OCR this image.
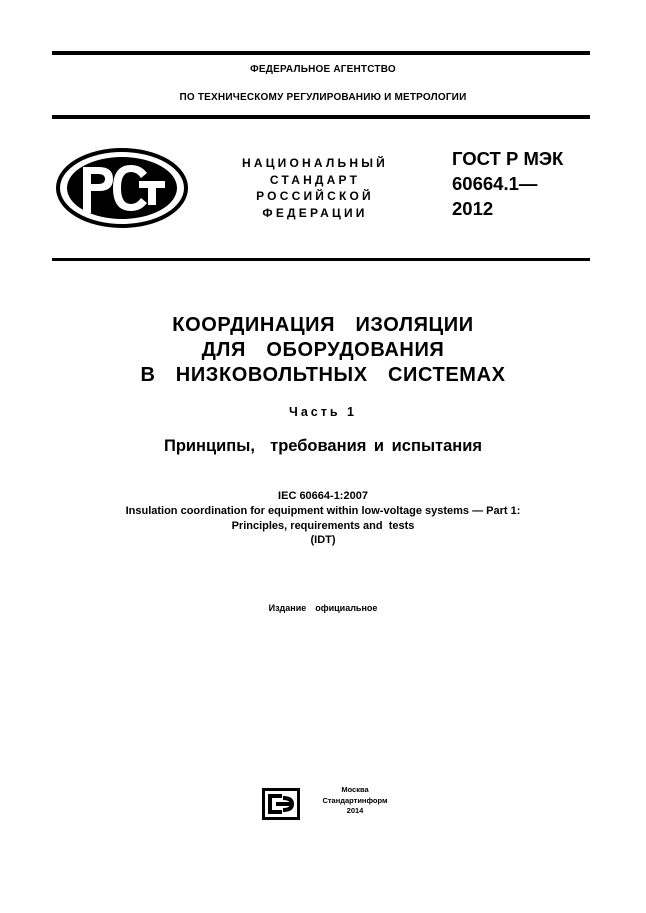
ФЕДЕРАЛЬНОЕ АГЕНТСТВО
ПО ТЕХНИЧЕСКОМУ РЕГУЛИРОВАНИЮ И МЕТРОЛОГИИ
НАЦИОНАЛЬНЫЙ
СТАНДАРТ
РОССИЙСКОЙ
ФЕДЕРАЦИИ
ГОСТ Р МЭК
60664.1—
2012
КООРДИНАЦИЯ  ИЗОЛЯЦИИ
ДЛЯ  ОБОРУДОВАНИЯ
В  НИЗКОВОЛЬТНЫХ  СИСТЕМАХ
Часть 1
Принципы,  требования и испытания
IEC 60664-1:2007
Insulation coordination for equipment within low-voltage systems — Part 1:
Principles, requirements and  tests
(IDT)
Издание  официальное
Москва
Стандартинформ
2014
